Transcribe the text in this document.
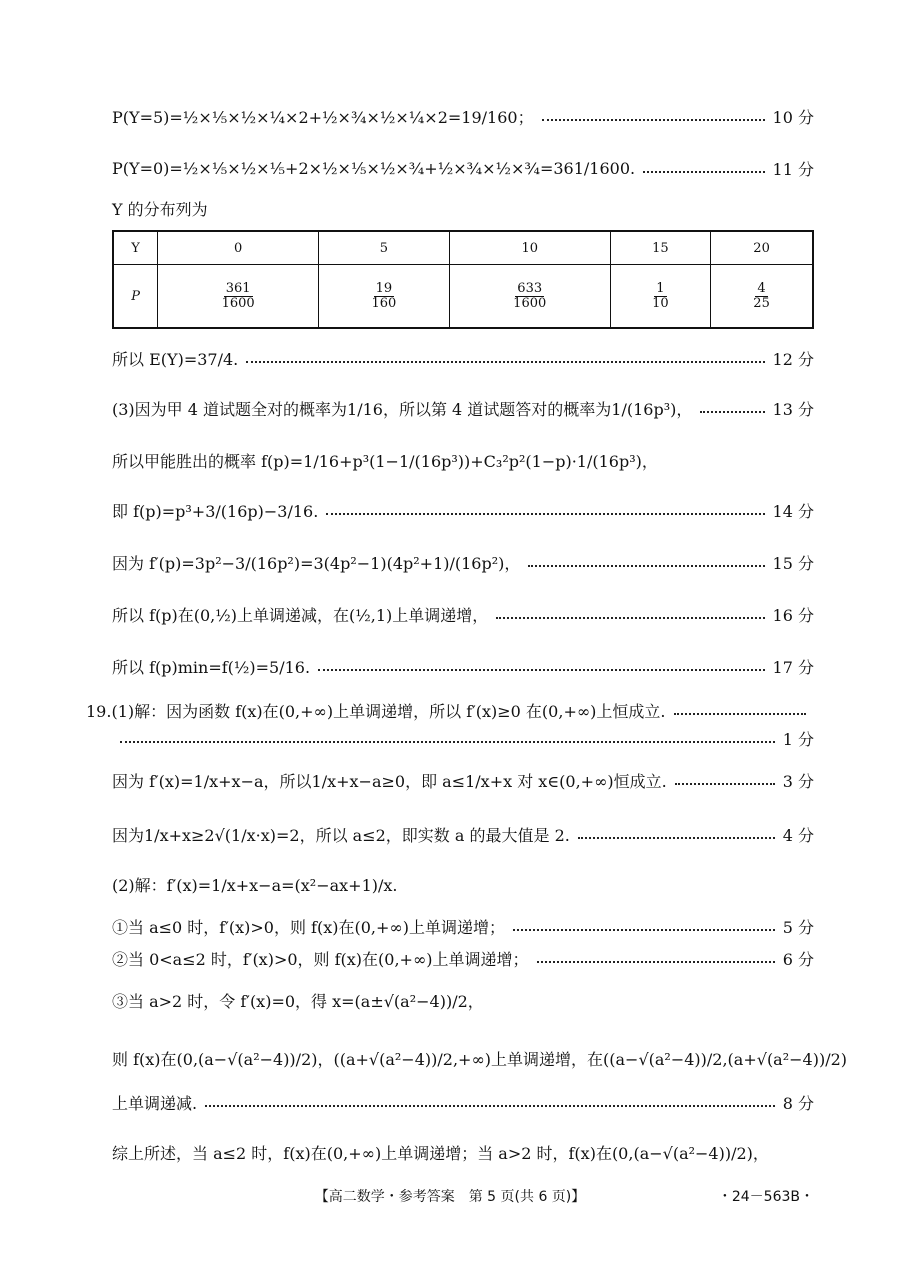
P(Y=5)=½×⅕×½×¼×2+½×¾×½×¼×2=19/160；	10 分
P(Y=0)=½×⅕×½×⅕+2×½×⅕×½×¾+½×¾×½×¾=361/1600.	11 分
Y 的分布列为
Y	0	5	10	15	20
P	$\frac{361}{1600}$	$\frac{19}{160}$	$\frac{633}{1600}$	$\frac{1}{10}$	$\frac{4}{25}$
所以 E(Y)=37/4.	12 分
(3)因为甲 4 道试题全对的概率为1/16，所以第 4 道试题答对的概率为1/(16p³)，	13 分
所以甲能胜出的概率 f(p)=1/16+p³(1−1/(16p³))+C₃²p²(1−p)·1/(16p³)，
即 f(p)=p³+3/(16p)−3/16.	14 分
因为 f′(p)=3p²−3/(16p²)=3(4p²−1)(4p²+1)/(16p²)，	15 分
所以 f(p)在(0,½)上单调递减，在(½,1)上单调递增，	16 分
所以 f(p)min=f(½)=5/16.	17 分
19.(1)解：因为函数 f(x)在(0,+∞)上单调递增，所以 f′(x)≥0 在(0,+∞)上恒成立.
1 分
因为 f′(x)=1/x+x−a，所以1/x+x−a≥0，即 a≤1/x+x 对 x∈(0,+∞)恒成立.	3 分
因为1/x+x≥2√(1/x·x)=2，所以 a≤2，即实数 a 的最大值是 2.	4 分
(2)解：f′(x)=1/x+x−a=(x²−ax+1)/x.
①当 a≤0 时，f′(x)>0，则 f(x)在(0,+∞)上单调递增；	5 分
②当 0<a≤2 时，f′(x)>0，则 f(x)在(0,+∞)上单调递增；	6 分
③当 a>2 时，令 f′(x)=0，得 x=(a±√(a²−4))/2，
则 f(x)在(0,(a−√(a²−4))/2)，((a+√(a²−4))/2,+∞)上单调递增，在((a−√(a²−4))/2,(a+√(a²−4))/2)
上单调递减.	8 分
综上所述，当 a≤2 时，f(x)在(0,+∞)上单调递增；当 a>2 时，f(x)在(0,(a−√(a²−4))/2)，
【高二数学・参考答案　第 5 页(共 6 页)】	・24－563B・
